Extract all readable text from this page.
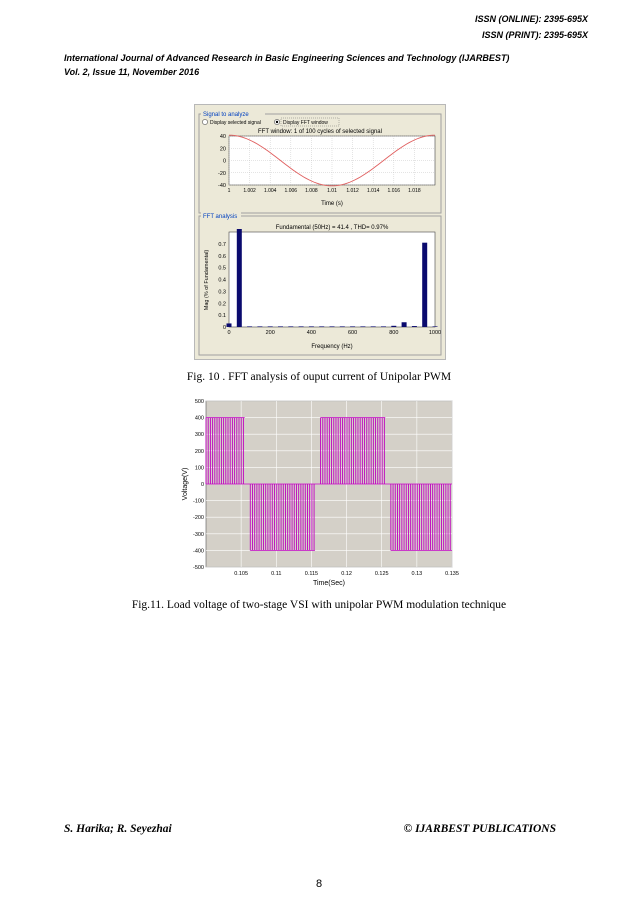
ISSN (ONLINE): 2395-695X
ISSN (PRINT): 2395-695X
International Journal of Advanced Research in Basic Engineering Sciences and Technology (IJARBEST)
Vol. 2, Issue 11, November 2016
Signal to analyze
Display selected signal	Display FFT window
FFT window: 1 of 100 cycles of selected signal
1	1.002 1.004 1.006 1.008 1.01 1.012 1.014 1.016 1.018
40
20
0
-20
-40
Time (s)
FFT analysis
Fundamental (50Hz) = 41.4 , THD= 0.97%
0	200	400	600	800	1000
0.7
0.6
0.5
0.4
0.3
0.2
0.1
0
Frequency (Hz)
Mag (% of Fundamental)
Fig. 10 . FFT analysis of ouput current of Unipolar PWM
500
400
300
200
100
0
-100
-200
-300
-400
-500
0.105	0.11	0.115	0.12	0.125	0.13	0.135
Time(Sec)
Voltage(V)
Fig.11. Load voltage of two-stage VSI with unipolar PWM modulation technique
S. Harika; R. Seyezhai	© IJARBEST PUBLICATIONS
8
